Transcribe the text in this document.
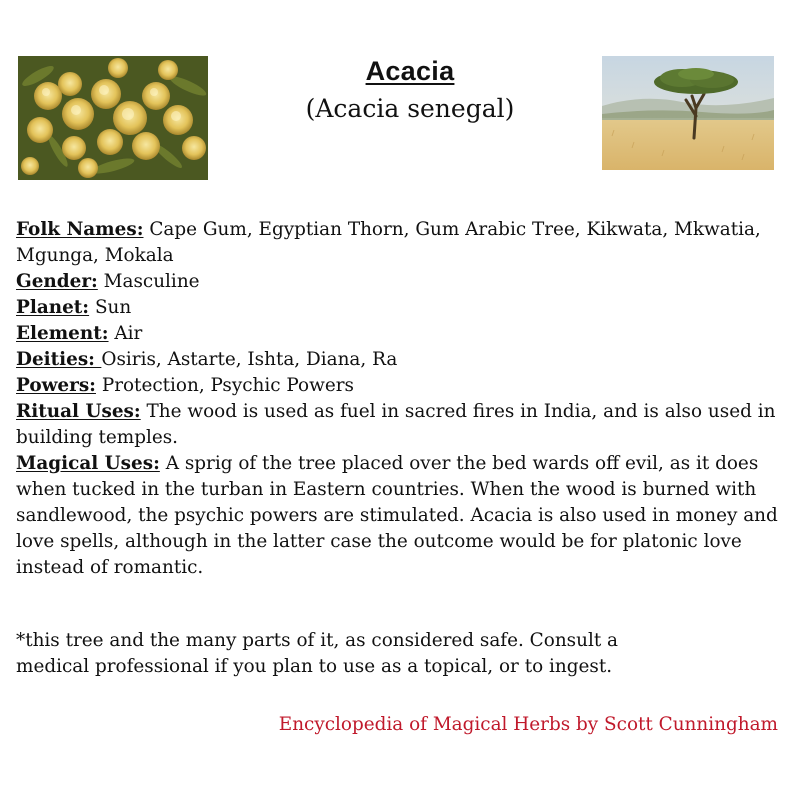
Acacia
(Acacia senegal)

Folk Names: Cape Gum, Egyptian Thorn, Gum Arabic Tree, Kikwata, Mkwatia, Mgunga, Mokala

Gender: Masculine

Planet: Sun

Element: Air

Deities: Osiris, Astarte, Ishta, Diana, Ra

Powers: Protection, Psychic Powers

Ritual Uses: The wood is used as fuel in sacred fires in India, and is also used in building temples.

Magical Uses: A sprig of the tree placed over the bed wards off evil, as it does when tucked in the turban in Eastern countries. When the wood is burned with sandlewood, the psychic powers are stimulated. Acacia is also used in money and love spells, although in the latter case the outcome would be for platonic love instead of romantic.

*this tree and the many parts of it, as considered safe. Consult a

medical professional if you plan to use as a topical, or to ingest.

Encyclopedia of Magical Herbs by Scott Cunningham
